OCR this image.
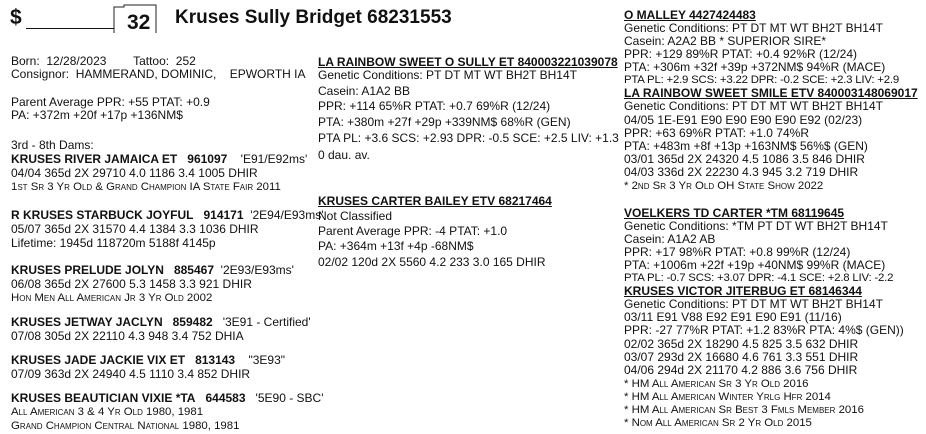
$	32 Kruses Sully Bridget 68231553
Born: 12/28/2023 Tattoo: 252
Consignor: HAMMERAND, DOMINIC, EPWORTH IA
Parent Average PPR: +55 PTAT: +0.9
PA: +372m +20f +17p +136NM$
3rd - 8th Dams:
KRUSES RIVER JAMAICA ET 961097 'E91/E92ms'
04/04 365d 2X 29710 4.0 1186 3.4 1005 DHIR
1st Sr 3 Yr Old & Grand Champion IA State Fair 2011
R KRUSES STARBUCK JOYFUL 914171 '2E94/E93ms'
05/07 365d 2X 31570 4.4 1384 3.3 1036 DHIR
Lifetime: 1945d 118720m 5188f 4145p
KRUSES PRELUDE JOLYN 885467 '2E93/E93ms'
06/08 365d 2X 27600 5.3 1458 3.3 921 DHIR
Hon Men All American Jr 3 Yr Old 2002
KRUSES JETWAY JACLYN 859482 '3E91 - Certified'
07/08 305d 2X 22110 4.3 948 3.4 752 DHIA
KRUSES JADE JACKIE VIX ET 813143 "3E93"
07/09 363d 2X 24940 4.5 1110 3.4 852 DHIR
KRUSES BEAUTICIAN VIXIE *TA 644583 '5E90 - SBC'
All American 3 & 4 Yr Old 1980, 1981
Grand Champion Central National 1980, 1981
LA RAINBOW SWEET O SULLY ET 840003221039078
Genetic Conditions: PT DT MT WT BH2T BH14T
Casein: A1A2 BB
PPR: +114 65%R PTAT: +0.7 69%R (12/24)
PTA: +380m +27f +29p +339NM$ 68%R (GEN)
PTA PL: +3.6 SCS: +2.93 DPR: -0.5 SCE: +2.5 LIV: +1.3
0 dau. av.
KRUSES CARTER BAILEY ETV 68217464
Not Classified
Parent Average PPR: -4 PTAT: +1.0
PA: +364m +13f +4p -68NM$
02/02 120d 2X 5560 4.2 233 3.0 165 DHIR
O MALLEY 4427424483
Genetic Conditions: PT DT MT WT BH2T BH14T
Casein: A2A2 BB * SUPERIOR SIRE*
PPR: +129 89%R PTAT: +0.4 92%R (12/24)
PTA: +306m +32f +39p +372NM$ 94%R (MACE)
PTA PL: +2.9 SCS: +3.22 DPR: -0.2 SCE: +2.3 LIV: +2.9
LA RAINBOW SWEET SMILE ETV 840003148069017
Genetic Conditions: PT DT MT WT BH2T BH14T
04/05 1E-E91 E90 E90 E90 E90 E92 (02/23)
PPR: +63 69%R PTAT: +1.0 74%R
PTA: +483m +8f +13p +163NM$ 56%$ (GEN)
03/01 365d 2X 24320 4.5 1086 3.5 846 DHIR
04/03 336d 2X 22230 4.3 945 3.2 719 DHIR
* 2nd Sr 3 Yr Old OH State Show 2022
VOELKERS TD CARTER *TM 68119645
Genetic Conditions: *TM PT DT WT BH2T BH14T
Casein: A1A2 AB
PPR: +17 98%R PTAT: +0.8 99%R (12/24)
PTA: +1006m +22f +19p +40NM$ 99%R (MACE)
PTA PL: -0.7 SCS: +3.07 DPR: -4.1 SCE: +2.8 LIV: -2.2
KRUSES VICTOR JITERBUG ET 68146344
Genetic Conditions: PT DT MT WT BH2T BH14T
03/11 E91 V88 E92 E91 E90 E91 (11/16)
PPR: -27 77%R PTAT: +1.2 83%R PTA: 4%$ (GEN))
02/02 365d 2X 18290 4.5 825 3.5 632 DHIR
03/07 293d 2X 16680 4.6 761 3.3 551 DHIR
04/06 294d 2X 21170 4.2 886 3.6 756 DHIR
* HM All American Sr 3 Yr Old 2016
* HM All American Winter Yrlg Hfr 2014
* HM All American Sr Best 3 Fmls Member 2016
* Nom All American Sr 2 Yr Old 2015
